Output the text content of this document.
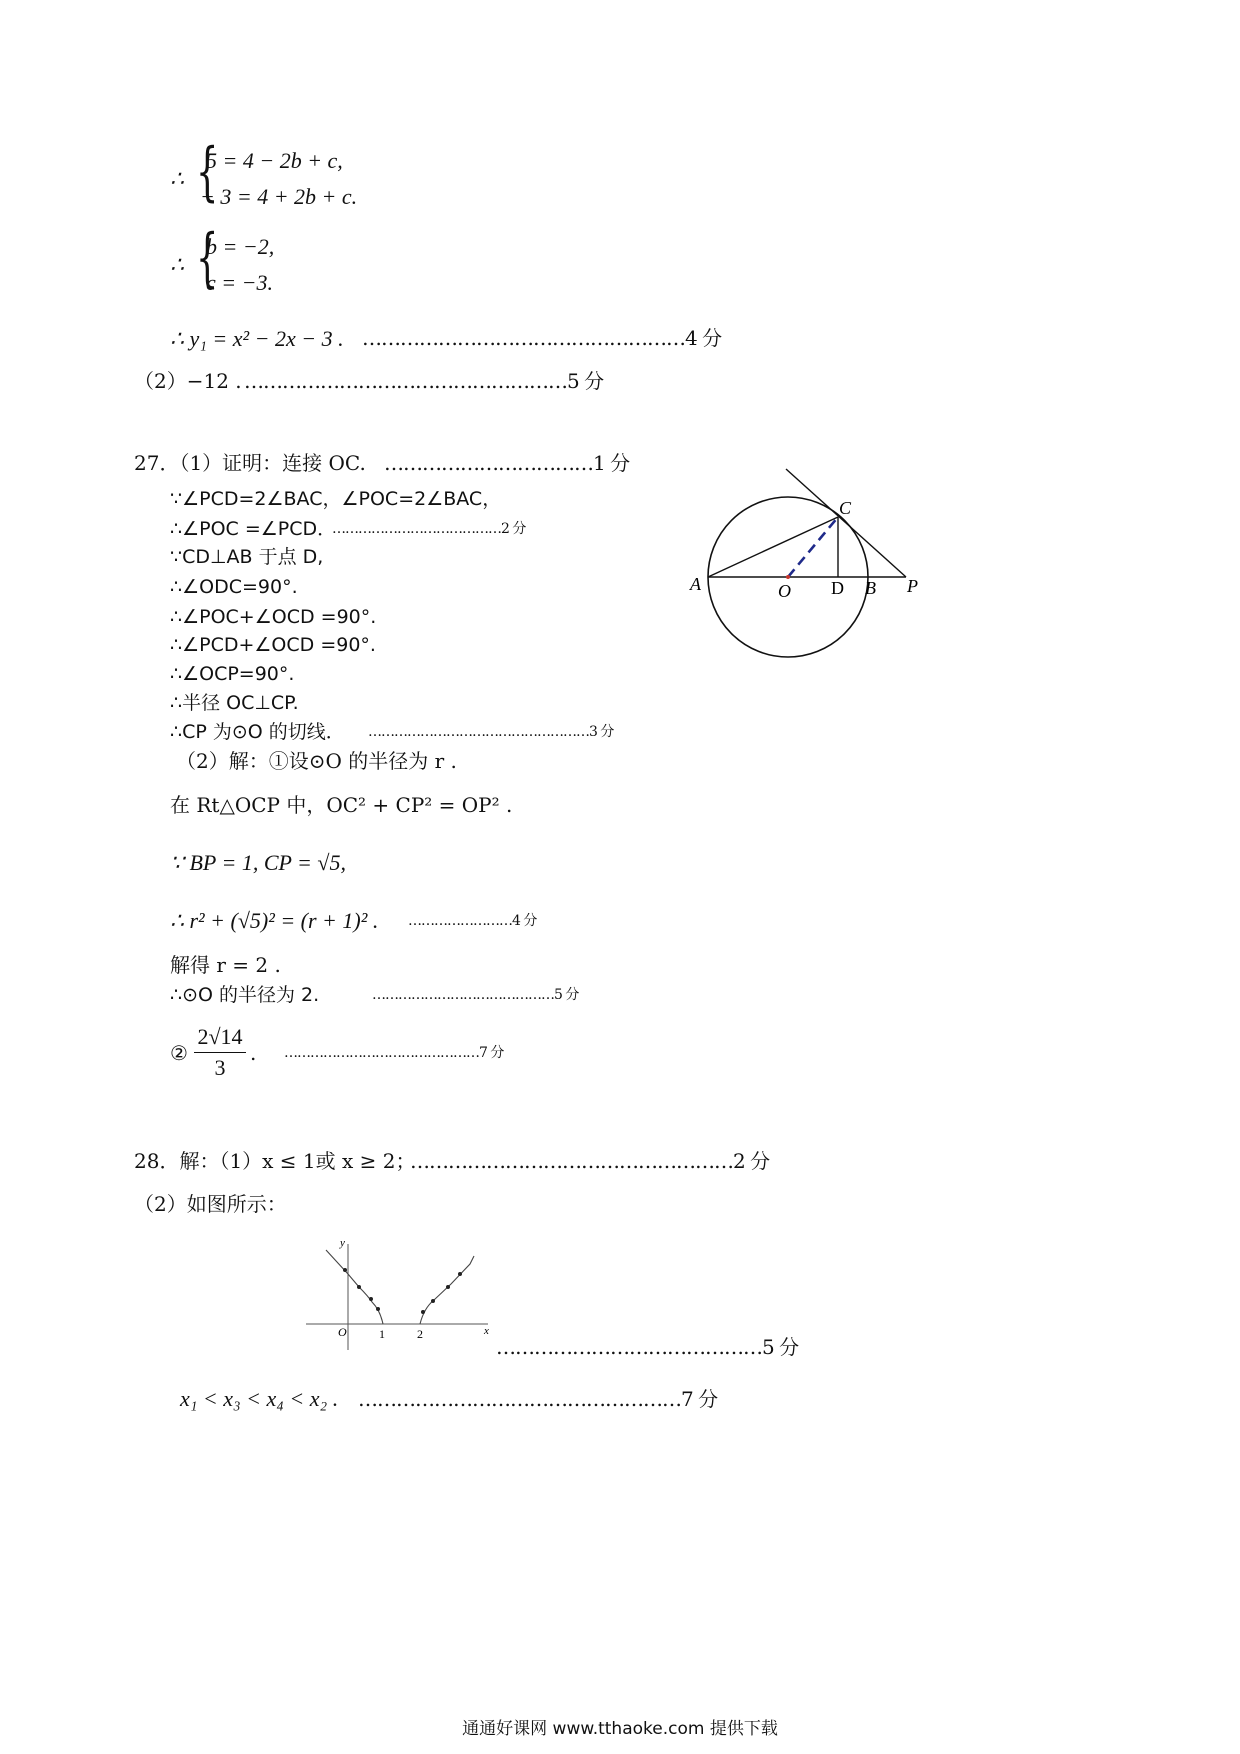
∴ {
5 = 4 − 2b + c,
− 3 = 4 + 2b + c.
∴ {
b = −2,
c = −3.
∴ y₁ = x² − 2x − 3 . ……………………………………………4 分
（2）−12 . ……………………………………………5 分
27．（1）证明：连接 OC. ……………………………1 分
∵∠PCD=2∠BAC，∠POC=2∠BAC，
∴∠POC =∠PCD．
…………………………………2 分
∵CD⊥AB 于点 D,
∴∠ODC=90°.
∴∠POC+∠OCD =90°.
∴∠PCD+∠OCD =90°.
∴∠OCP=90°.
∴半径 OC⊥CP.
∴CP 为⊙O 的切线． ……………………………………………3 分
（2）解：①设⊙O 的半径为 r .
在 Rt△OCP 中，OC² + CP² = OP² .
∵ BP = 1, CP = √5,
∴ r² + (√5)² = (r + 1)² . ……………………4 分
解得 r = 2 .
∴⊙O 的半径为 2.	……………………………………5 分
②
2√14
3
. ………………………………………7 分
A	O D B P
C
28．解：（1）x ≤ 1或 x ≥ 2；
……………………………………………2 分
（2）如图所示：
y
x
O	1	2
……………………………………5 分
x₁ < x₃ < x₄ < x₂ . ……………………………………………7 分
通通好课网 www.tthaoke.com 提供下载
